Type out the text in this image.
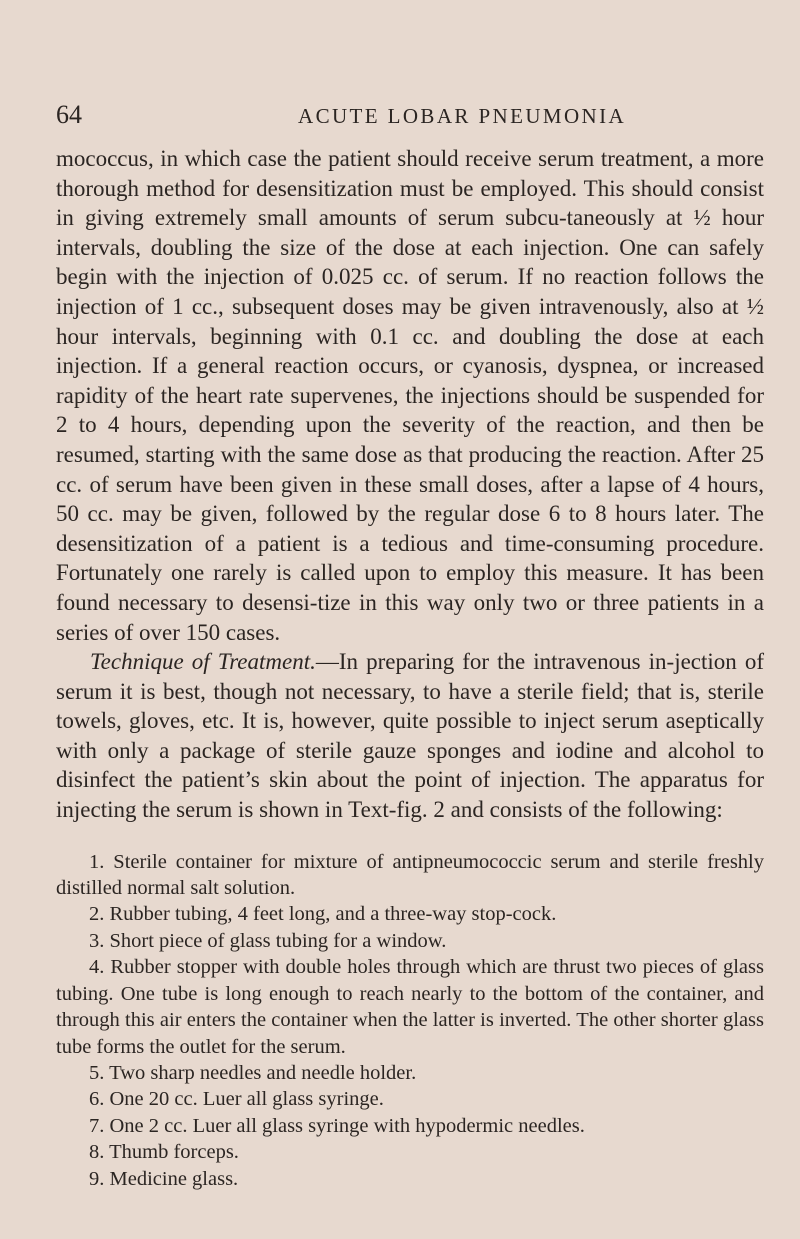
64	ACUTE LOBAR PNEUMONIA

mococcus, in which case the patient should receive serum treatment, a more thorough method for desensitization must be employed. This should consist in giving extremely small amounts of serum subcu-taneously at ½ hour intervals, doubling the size of the dose at each injection. One can safely begin with the injection of 0.025 cc. of serum. If no reaction follows the injection of 1 cc., subsequent doses may be given intravenously, also at ½ hour intervals, beginning with 0.1 cc. and doubling the dose at each injection. If a general reaction occurs, or cyanosis, dyspnea, or increased rapidity of the heart rate supervenes, the injections should be suspended for 2 to 4 hours, depending upon the severity of the reaction, and then be resumed, starting with the same dose as that producing the reaction. After 25 cc. of serum have been given in these small doses, after a lapse of 4 hours, 50 cc. may be given, followed by the regular dose 6 to 8 hours later. The desensitization of a patient is a tedious and time-consuming procedure. Fortunately one rarely is called upon to employ this measure. It has been found necessary to desensi-tize in this way only two or three patients in a series of over 150 cases.

Technique of Treatment.—In preparing for the intravenous in-jection of serum it is best, though not necessary, to have a sterile field; that is, sterile towels, gloves, etc. It is, however, quite possible to inject serum aseptically with only a package of sterile gauze sponges and iodine and alcohol to disinfect the patient’s skin about the point of injection. The apparatus for injecting the serum is shown in Text-fig. 2 and consists of the following:

1. Sterile container for mixture of antipneumococcic serum and sterile freshly distilled normal salt solution.

2. Rubber tubing, 4 feet long, and a three-way stop-cock.

3. Short piece of glass tubing for a window.

4. Rubber stopper with double holes through which are thrust two pieces of glass tubing. One tube is long enough to reach nearly to the bottom of the container, and through this air enters the container when the latter is inverted. The other shorter glass tube forms the outlet for the serum.

5. Two sharp needles and needle holder.

6. One 20 cc. Luer all glass syringe.

7. One 2 cc. Luer all glass syringe with hypodermic needles.

8. Thumb forceps.

9. Medicine glass.
